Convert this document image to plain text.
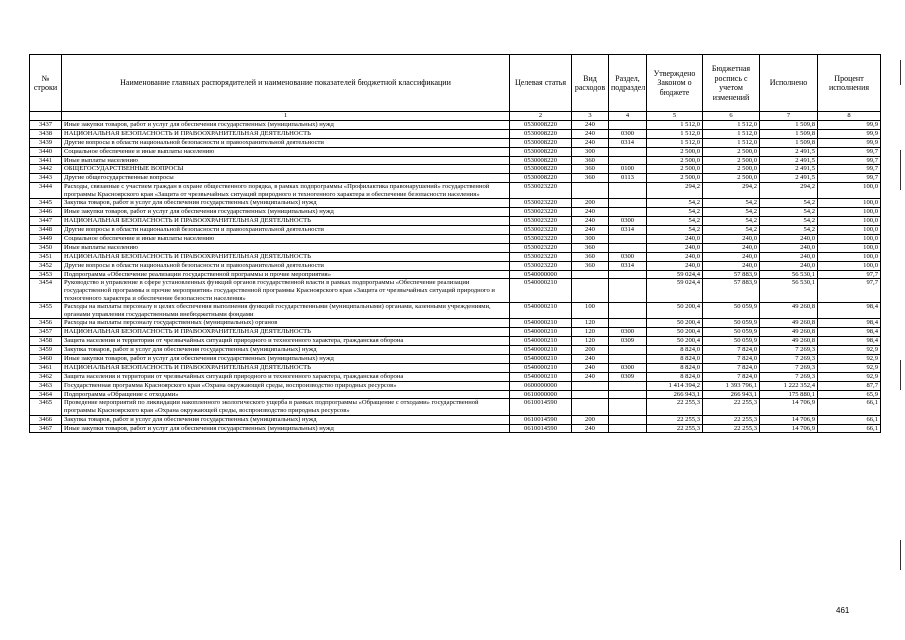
№ строки	Наименование главных распорядителей и наименование показателей бюджетной классификации	Целевая статья	Вид расходов	Раздел, подраздел	Утверждено Законом о бюджете	Бюджетная роспись с учетом изменений	Исполнено	Процент исполнения
	1	2	3	4	5	6	7	8
3437	Иные закупки товаров, работ и услуг для обеспечения государственных (муниципальных) нужд	0530008220	240		1 512,0	1 512,0	1 509,8	99,9
3438	НАЦИОНАЛЬНАЯ БЕЗОПАСНОСТЬ И ПРАВООХРАНИТЕЛЬНАЯ ДЕЯТЕЛЬНОСТЬ	0530008220	240	0300	1 512,0	1 512,0	1 509,8	99,9
3439	Другие вопросы в области национальной безопасности и правоохранительной деятельности	0530008220	240	0314	1 512,0	1 512,0	1 509,8	99,9
3440	Социальное обеспечение и иные выплаты населению	0530008220	300		2 500,0	2 500,0	2 491,5	99,7
3441	Иные выплаты населению	0530008220	360		2 500,0	2 500,0	2 491,5	99,7
3442	ОБЩЕГОСУДАРСТВЕННЫЕ ВОПРОСЫ	0530008220	360	0100	2 500,0	2 500,0	2 491,5	99,7
3443	Другие общегосударственные вопросы	0530008220	360	0113	2 500,0	2 500,0	2 491,5	99,7
3444	Расходы, связанные с участием граждан в охране общественного порядка, в рамках подпрограммы «Профилактика правонарушений» государственной программы Красноярского края «Защита от чрезвычайных ситуаций природного и техногенного характера и обеспечение безопасности населения»	0530023220			294,2	294,2	294,2	100,0
3445	Закупка товаров, работ и услуг для обеспечения государственных (муниципальных) нужд	0530023220	200		54,2	54,2	54,2	100,0
3446	Иные закупки товаров, работ и услуг для обеспечения государственных (муниципальных) нужд	0530023220	240		54,2	54,2	54,2	100,0
3447	НАЦИОНАЛЬНАЯ БЕЗОПАСНОСТЬ И ПРАВООХРАНИТЕЛЬНАЯ ДЕЯТЕЛЬНОСТЬ	0530023220	240	0300	54,2	54,2	54,2	100,0
3448	Другие вопросы в области национальной безопасности и правоохранительной деятельности	0530023220	240	0314	54,2	54,2	54,2	100,0
3449	Социальное обеспечение и иные выплаты населению	0530023220	300		240,0	240,0	240,0	100,0
3450	Иные выплаты населению	0530023220	360		240,0	240,0	240,0	100,0
3451	НАЦИОНАЛЬНАЯ БЕЗОПАСНОСТЬ И ПРАВООХРАНИТЕЛЬНАЯ ДЕЯТЕЛЬНОСТЬ	0530023220	360	0300	240,0	240,0	240,0	100,0
3452	Другие вопросы в области национальной безопасности и правоохранительной деятельности	0530023220	360	0314	240,0	240,0	240,0	100,0
3453	Подпрограмма «Обеспечение реализации государственной программы и прочие мероприятия»	0540000000			59 024,4	57 883,9	56 530,1	97,7
3454	Руководство и управление в сфере установленных функций органов государственной власти в рамках подпрограммы «Обеспечение реализации государственной программы и прочие мероприятия» государственной программы Красноярского края «Защита от чрезвычайных ситуаций природного и техногенного характера и обеспечение безопасности населения»	0540000210			59 024,4	57 883,9	56 530,1	97,7
3455	Расходы на выплаты персоналу в целях обеспечения выполнения функций государственными (муниципальными) органами, казенными учреждениями, органами управления государственными внебюджетными фондами	0540000210	100		50 200,4	50 059,9	49 260,8	98,4
3456	Расходы на выплаты персоналу государственных (муниципальных) органов	0540000210	120		50 200,4	50 059,9	49 260,8	98,4
3457	НАЦИОНАЛЬНАЯ БЕЗОПАСНОСТЬ И ПРАВООХРАНИТЕЛЬНАЯ ДЕЯТЕЛЬНОСТЬ	0540000210	120	0300	50 200,4	50 059,9	49 260,8	98,4
3458	Защита населения и территории от чрезвычайных ситуаций природного и техногенного характера, гражданская оборона	0540000210	120	0309	50 200,4	50 059,9	49 260,8	98,4
3459	Закупка товаров, работ и услуг для обеспечения государственных (муниципальных) нужд	0540000210	200		8 824,0	7 824,0	7 269,3	92,9
3460	Иные закупки товаров, работ и услуг для обеспечения государственных (муниципальных) нужд	0540000210	240		8 824,0	7 824,0	7 269,3	92,9
3461	НАЦИОНАЛЬНАЯ БЕЗОПАСНОСТЬ И ПРАВООХРАНИТЕЛЬНАЯ ДЕЯТЕЛЬНОСТЬ	0540000210	240	0300	8 824,0	7 824,0	7 269,3	92,9
3462	Защита населения и территории от чрезвычайных ситуаций природного и техногенного характера, гражданская оборона	0540000210	240	0309	8 824,0	7 824,0	7 269,3	92,9
3463	Государственная программа Красноярского края «Охрана окружающей среды, воспроизводство природных ресурсов»	0600000000			1 414 394,2	1 393 796,1	1 222 352,4	87,7
3464	Подпрограмма «Обращение с отходами»	0610000000			266 943,1	266 943,1	175 880,1	65,9
3465	Проведение мероприятий по ликвидации накопленного экологического ущерба в рамках подпрограммы «Обращение с отходами» государственной программы Красноярского края «Охрана окружающей среды, воспроизводство природных ресурсов»	0610014590			22 255,3	22 255,3	14 706,9	66,1
3466	Закупка товаров, работ и услуг для обеспечения государственных (муниципальных) нужд	0610014590	200		22 255,3	22 255,3	14 706,9	66,1
3467	Иные закупки товаров, работ и услуг для обеспечения государственных (муниципальных) нужд	0610014590	240		22 255,3	22 255,3	14 706,9	66,1
461
